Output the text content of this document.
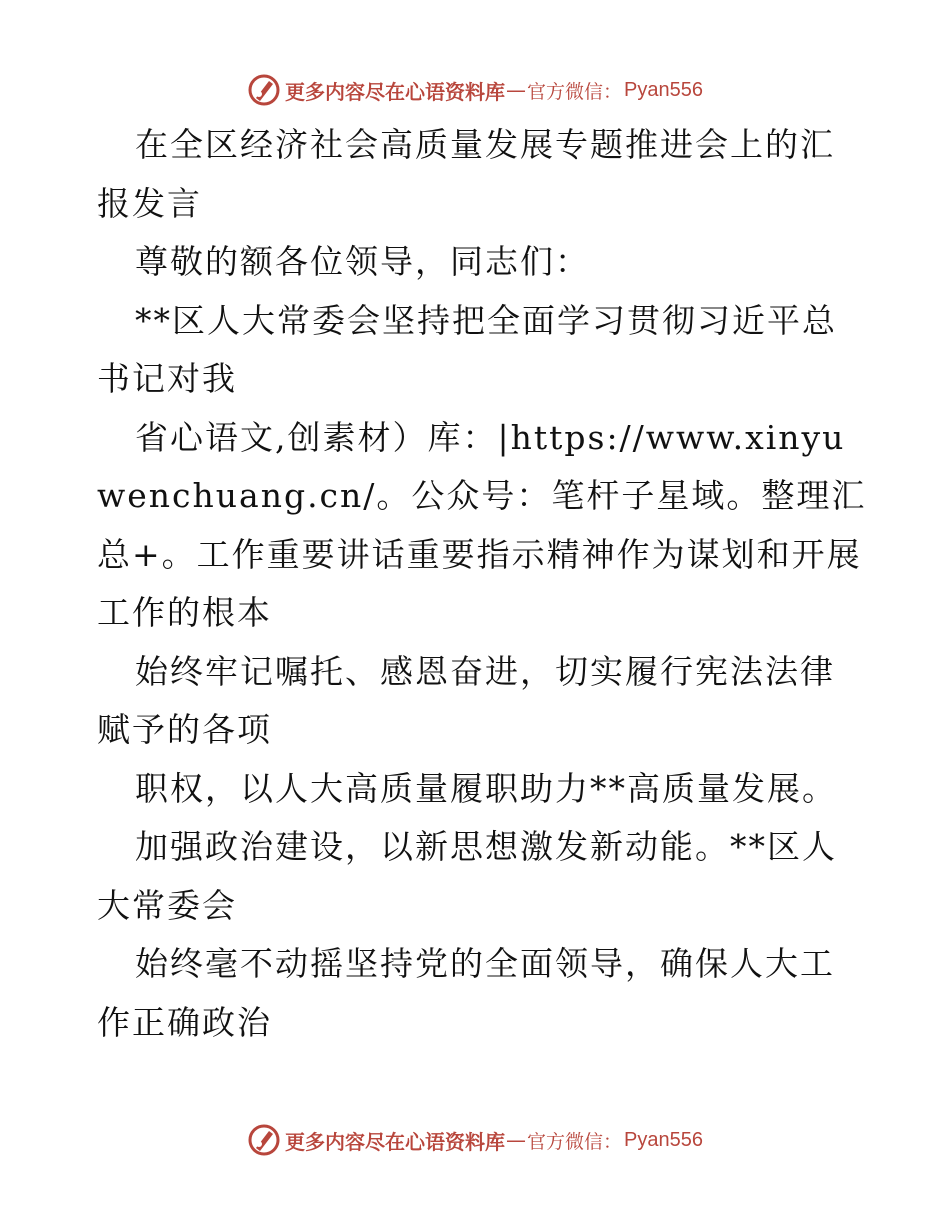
更多内容尽在心语资料库 — 官方微信： Pyan556

在全区经济社会高质量发展专题推进会上的汇报发言

尊敬的额各位领导，同志们：

**区人大常委会坚持把全面学习贯彻习近平总书记对我

省心语文,创素材）库：|https://www.xinyuwenchuang.cn/。公众号：笔杆子星域。整理汇总+。工作重要讲话重要指示精神作为谋划和开展工作的根本

始终牢记嘱托、感恩奋进，切实履行宪法法律赋予的各项

职权，以人大高质量履职助力**高质量发展。

加强政治建设，以新思想激发新动能。**区人大常委会

始终毫不动摇坚持党的全面领导，确保人大工作正确政治

更多内容尽在心语资料库 — 官方微信： Pyan556
